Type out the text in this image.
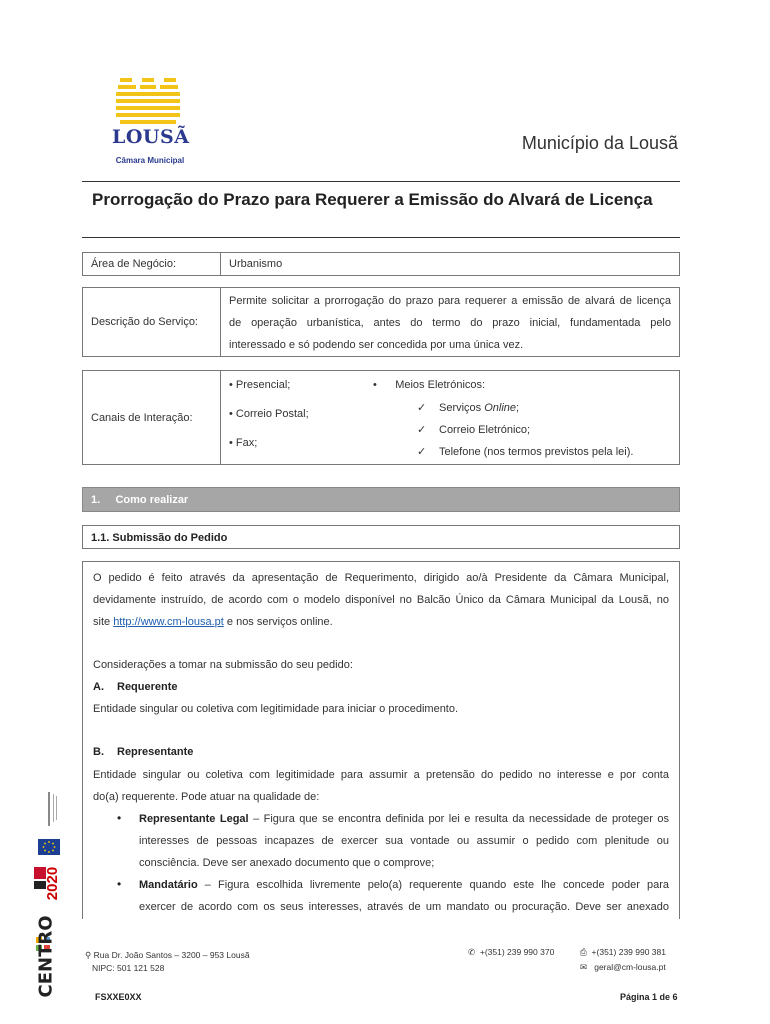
LOUSÃ
Câmara Municipal
Município da Lousã
Prorrogação do Prazo para Requerer a Emissão do Alvará de Licença
Área de Negócio:	Urbanismo
Descrição do Serviço:
Permite solicitar a prorrogação do prazo para requerer a emissão de alvará de licença
de operação urbanística, antes do termo do prazo inicial, fundamentada pelo
interessado e só podendo ser concedida por uma única vez.
Canais de Interação:
• Presencial;
• Correio Postal;
• Fax;
•      Meios Eletrónicos:
✓ Serviços Online;
✓ Correio Eletrónico;
✓ Telefone (nos termos previstos pela lei).
1. Como realizar
1.1. Submissão do Pedido
O pedido é feito através da apresentação de Requerimento, dirigido ao/à Presidente da Câmara Municipal,
devidamente instruído, de acordo com o modelo disponível no Balcão Único da Câmara Municipal da Lousã, no
site http://www.cm-lousa.pt e nos serviços online.
Considerações a tomar na submissão do seu pedido:
A. Requerente
Entidade singular ou coletiva com legitimidade para iniciar o procedimento.
B. Representante
Entidade singular ou coletiva com legitimidade para assumir a pretensão do pedido no interesse e por conta
do(a) requerente. Pode atuar na qualidade de:
• Representante Legal – Figura que se encontra definida por lei e resulta da necessidade de proteger os
interesses de pessoas incapazes de exercer sua vontade ou assumir o pedido com plenitude ou
consciência. Deve ser anexado documento que o comprove;
• Mandatário – Figura escolhida livremente pelo(a) requerente quando este lhe concede poder para
exercer de acordo com os seus interesses, através de um mandato ou procuração. Deve ser anexado
2020
CENTRO	⚲ Rua Dr. João Santos – 3200 – 953 Lousã
NIPC: 501 121 528
✆ +(351) 239 990 370	⎙ +(351) 239 990 381
✉ geral@cm-lousa.pt
FSXXE0XX	Página 1 de 6
